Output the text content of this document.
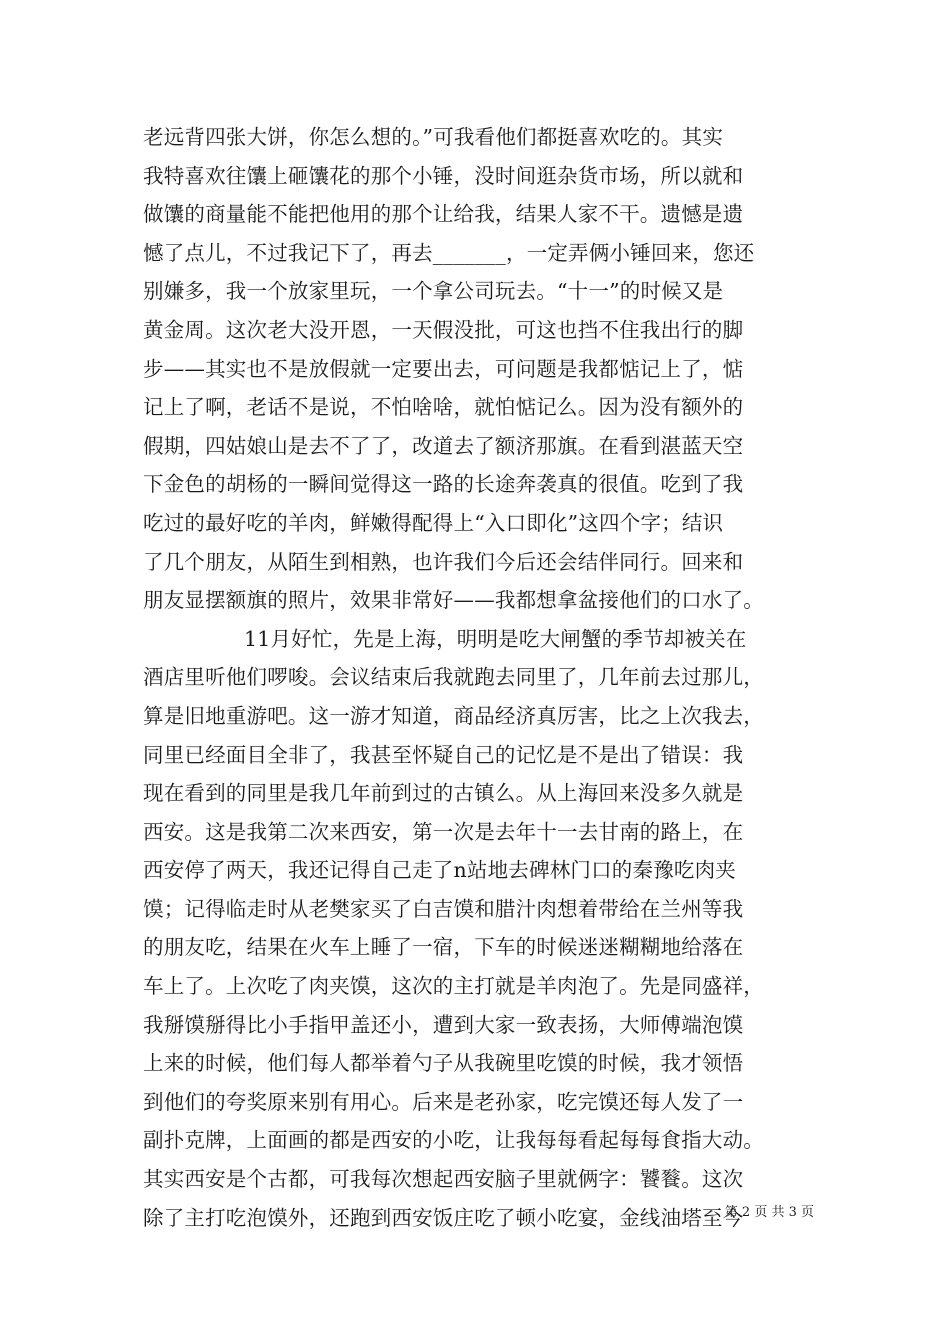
老远背四张大饼，你怎么想的。”可我看他们都挺喜欢吃的。其实
我特喜欢往馕上砸馕花的那个小锤，没时间逛杂货市场，所以就和
做馕的商量能不能把他用的那个让给我，结果人家不干。遗憾是遗
憾了点儿，不过我记下了，再去_______，一定弄俩小锤回来，您还
别嫌多，我一个放家里玩，一个拿公司玩去。“十一”的时候又是
黄金周。这次老大没开恩，一天假没批，可这也挡不住我出行的脚
步——其实也不是放假就一定要出去，可问题是我都惦记上了，惦
记上了啊，老话不是说，不怕啥啥，就怕惦记么。因为没有额外的
假期，四姑娘山是去不了了，改道去了额济那旗。在看到湛蓝天空
下金色的胡杨的一瞬间觉得这一路的长途奔袭真的很值。吃到了我
吃过的最好吃的羊肉，鲜嫩得配得上“入口即化”这四个字；结识
了几个朋友，从陌生到相熟，也许我们今后还会结伴同行。回来和
朋友显摆额旗的照片，效果非常好——我都想拿盆接他们的口水了。
11月好忙，先是上海，明明是吃大闸蟹的季节却被关在
酒店里听他们啰唆。会议结束后我就跑去同里了，几年前去过那儿，
算是旧地重游吧。这一游才知道，商品经济真厉害，比之上次我去，
同里已经面目全非了，我甚至怀疑自己的记忆是不是出了错误：我
现在看到的同里是我几年前到过的古镇么。从上海回来没多久就是
西安。这是我第二次来西安，第一次是去年十一去甘南的路上，在
西安停了两天，我还记得自己走了n站地去碑林门口的秦豫吃肉夹
馍；记得临走时从老樊家买了白吉馍和腊汁肉想着带给在兰州等我
的朋友吃，结果在火车上睡了一宿，下车的时候迷迷糊糊地给落在
车上了。上次吃了肉夹馍，这次的主打就是羊肉泡了。先是同盛祥，
我掰馍掰得比小手指甲盖还小，遭到大家一致表扬，大师傅端泡馍
上来的时候，他们每人都举着勺子从我碗里吃馍的时候，我才领悟
到他们的夸奖原来别有用心。后来是老孙家，吃完馍还每人发了一
副扑克牌，上面画的都是西安的小吃，让我每每看起每每食指大动。
其实西安是个古都，可我每次想起西安脑子里就俩字：饕餮。这次
除了主打吃泡馍外，还跑到西安饭庄吃了顿小吃宴，金线油塔至今
第 2 页 共 3 页
